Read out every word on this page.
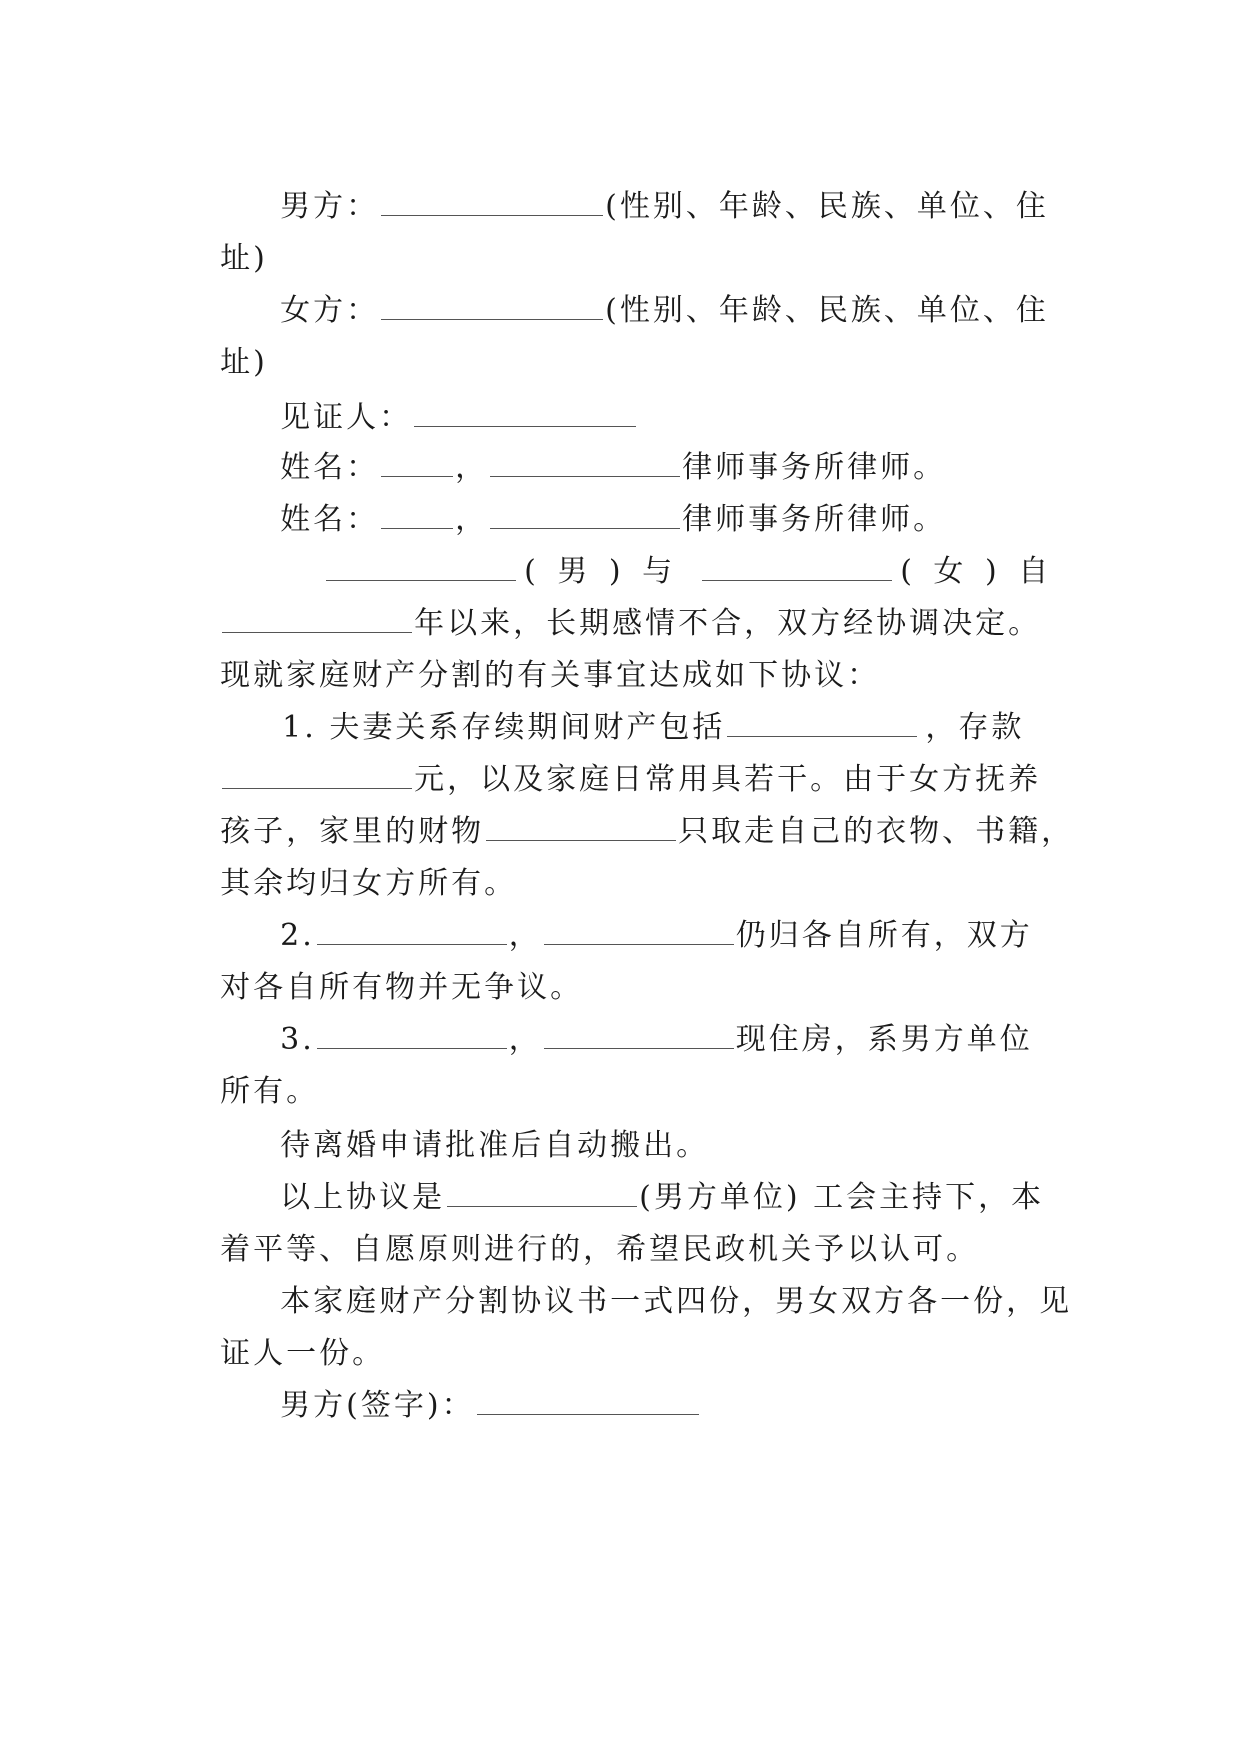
男方：	(性别、年龄、民族、单位、住

址)

女方：	(性别、年龄、民族、单位、住

址)

见证人：

姓名：	，	律师事务所律师。

姓名：	，	律师事务所律师。

( 男 ) 与	( 女 ) 自

年以来，长期感情不合，双方经协调决定。

现就家庭财产分割的有关事宜达成如下协议：

1. 夫妻关系存续期间财产包括	，存款

元，以及家庭日常用具若干。由于女方抚养

孩子，家里的财物	只取走自己的衣物、书籍，

其余均归女方所有。

2.	，	仍归各自所有，双方

对各自所有物并无争议。

3.	，	现住房，系男方单位

所有。

待离婚申请批准后自动搬出。

以上协议是	(男方单位) 工会主持下，本

着平等、自愿原则进行的，希望民政机关予以认可。

本家庭财产分割协议书一式四份，男女双方各一份，见

证人一份。

男方(签字)：
